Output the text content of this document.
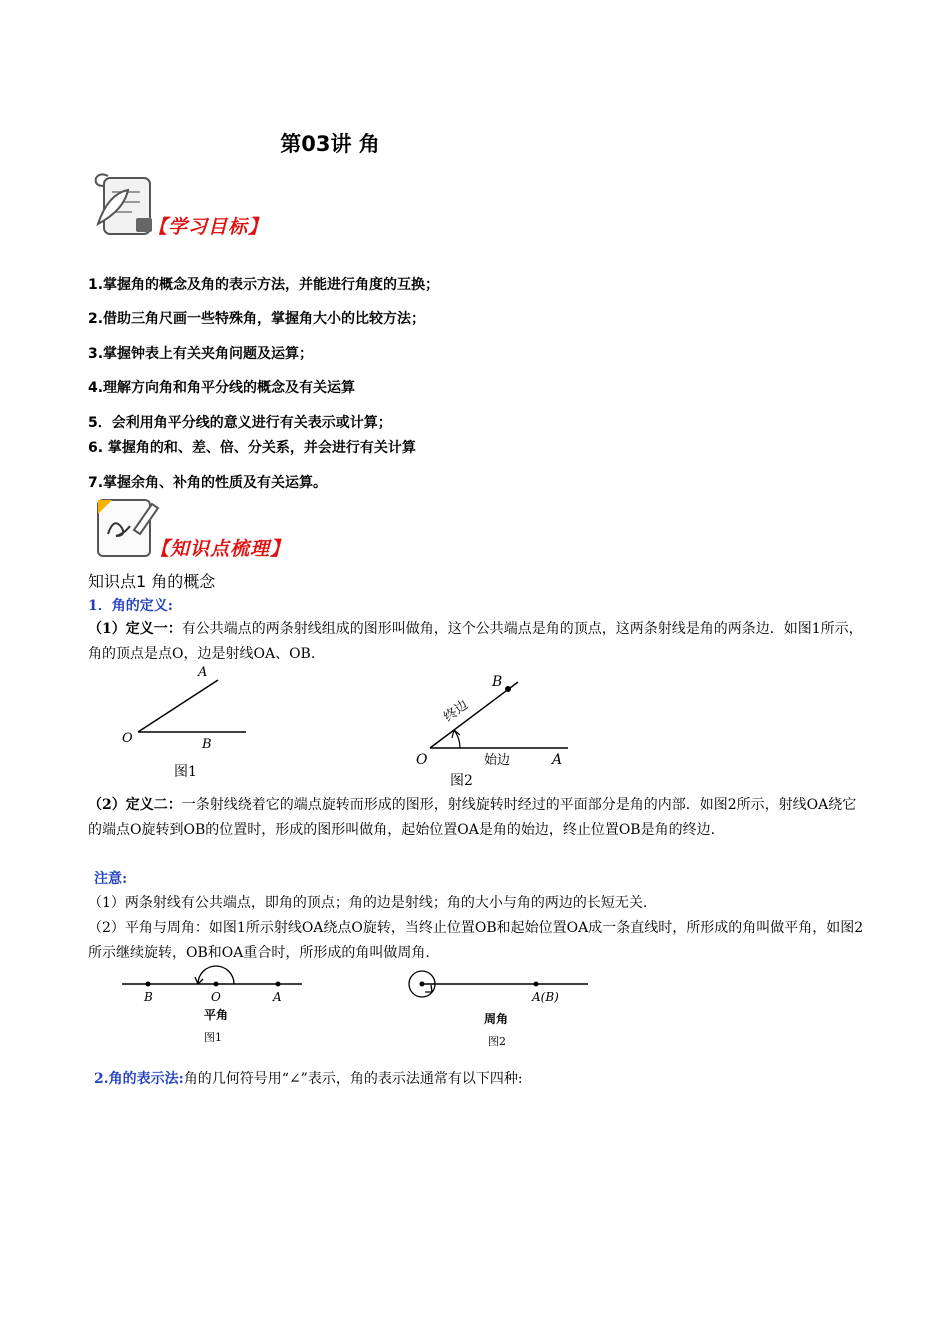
第03讲 角
【学习目标】
1.掌握角的概念及角的表示方法，并能进行角度的互换；
2.借助三角尺画一些特殊角，掌握角大小的比较方法；
3.掌握钟表上有关夹角问题及运算；
4.理解方向角和角平分线的概念及有关运算
5．会利用角平分线的意义进行有关表示或计算；
6. 掌握角的和、差、倍、分关系，并会进行有关计算
7.掌握余角、补角的性质及有关运算。
【知识点梳理】
知识点1 角的概念
1．角的定义:
（1）定义一：有公共端点的两条射线组成的图形叫做角，这个公共端点是角的顶点，这两条射线是角的两条边．如图1所示，角的顶点是点O，边是射线OA、OB.
A
B
O
图1
B
O	A
始边
终边
图2
（2）定义二：一条射线绕着它的端点旋转而形成的图形，射线旋转时经过的平面部分是角的内部．如图2所示，射线OA绕它的端点O旋转到OB的位置时，形成的图形叫做角，起始位置OA是角的始边，终止位置OB是角的终边.
注意:
（1）两条射线有公共端点，即角的顶点；角的边是射线；角的大小与角的两边的长短无关.
（2）平角与周角：如图1所示射线OA绕点O旋转，当终止位置OB和起始位置OA成一条直线时，所形成的角叫做平角，如图2所示继续旋转，OB和OA重合时，所形成的角叫做周角.
B	O	A
平角
图1
A(B)
周角
图2
2.角的表示法:角的几何符号用“∠”表示，角的表示法通常有以下四种:
